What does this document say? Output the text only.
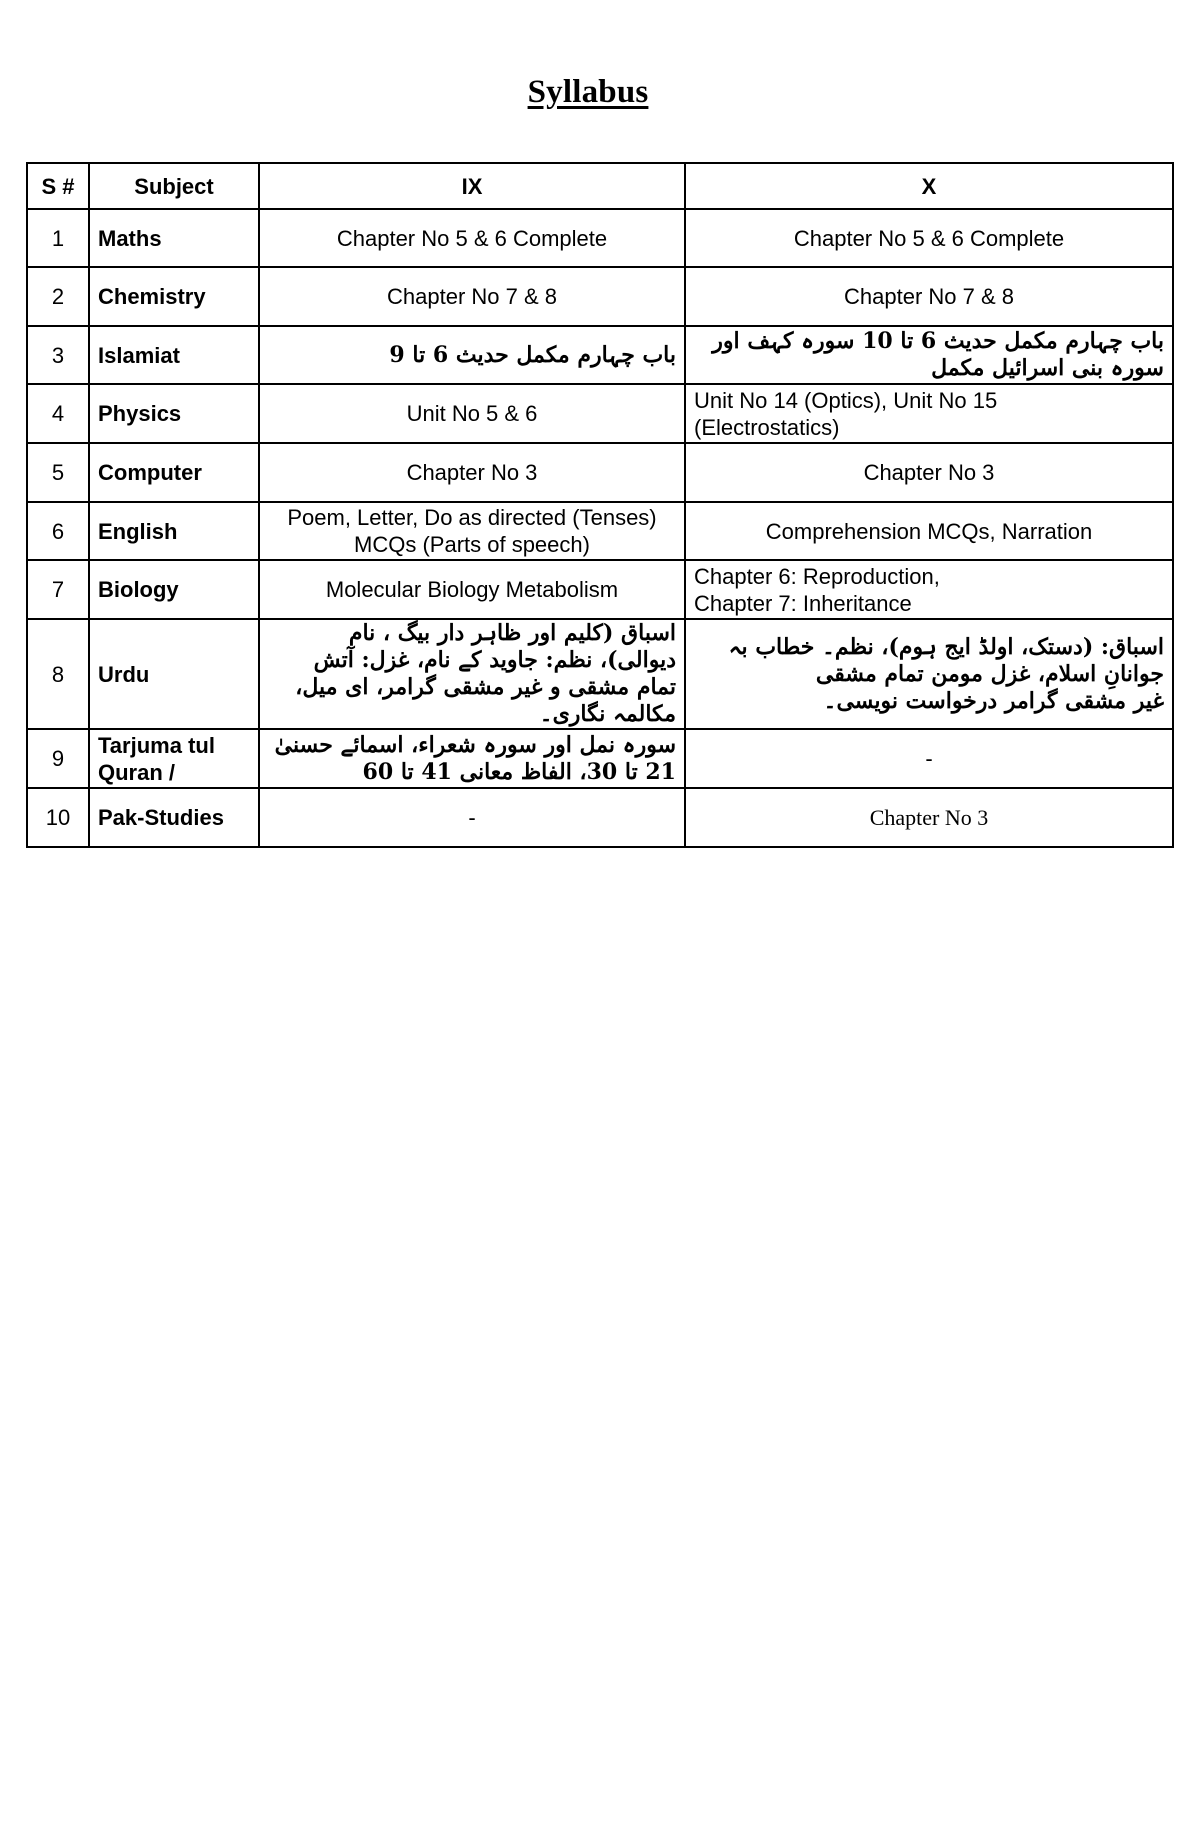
Syllabus
S #	Subject	IX	X
1	Maths	Chapter No 5 & 6 Complete	Chapter No 5 & 6 Complete
2	Chemistry	Chapter No 7 & 8	Chapter No 7 & 8
3	Islamiat	باب چہارم مکمل حدیث 6 تا 9	باب چہارم مکمل حدیث 6 تا 10 سورہ کہف اور سورہ بنی اسرائیل مکمل
4	Physics	Unit No 5 & 6	Unit No 14 (Optics), Unit No 15
(Electrostatics)

5	Computer	Chapter No 3	Chapter No 3
6	English	Poem, Letter, Do as directed (Tenses)
MCQs (Parts of speech)	Comprehension MCQs, Narration
7	Biology	Molecular Biology Metabolism	Chapter 6: Reproduction,
Chapter 7: Inheritance

8	Urdu	اسباق (کلیم اور ظاہر دار بیگ ، نام دیوالی)، نظم: جاوید کے نام، غزل: آتش
تمام مشقی و غیر مشقی گرامر، ای میل، مکالمہ نگاری۔	اسباق: (دستک، اولڈ ایج ہوم)، نظم۔ خطاب بہ جوانانِ اسلام، غزل مومن تمام مشقی
غیر مشقی گرامر درخواست نویسی۔

9	Tarjuma tul
Quran /	سورہ نمل اور سورہ شعراء، اسمائے حسنیٰ 21 تا 30، الفاظ معانی 41 تا 60	-
10	Pak-Studies	-	Chapter No 3
